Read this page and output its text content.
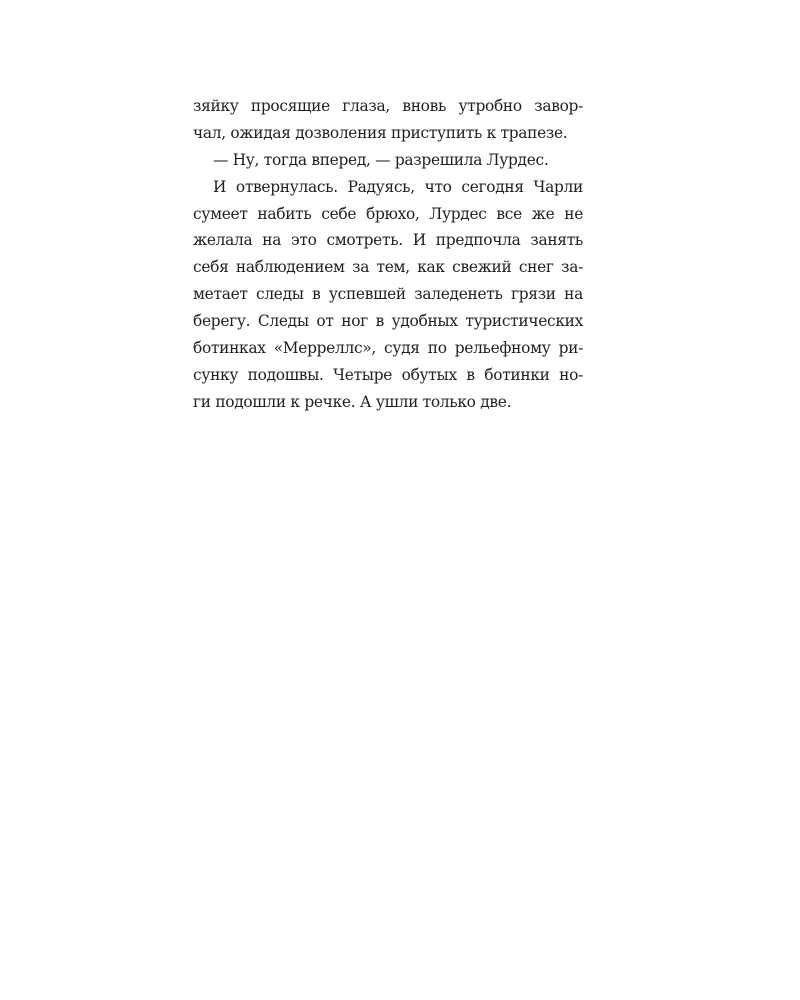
зяйку просящие глаза, вновь утробно завор-
чал, ожидая дозволения приступить к трапезе.
— Ну, тогда вперед, — разрешила Лурдес.
И отвернулась. Радуясь, что сегодня Чарли
сумеет набить себе брюхо, Лурдес все же не
желала на это смотреть. И предпочла занять
себя наблюдением за тем, как свежий снег за-
метает следы в успевшей заледенеть грязи на
берегу. Следы от ног в удобных туристических
ботинках «Мерреллс», судя по рельефному ри-
сунку подошвы. Четыре обутых в ботинки но-
ги подошли к речке. А ушли только две.
